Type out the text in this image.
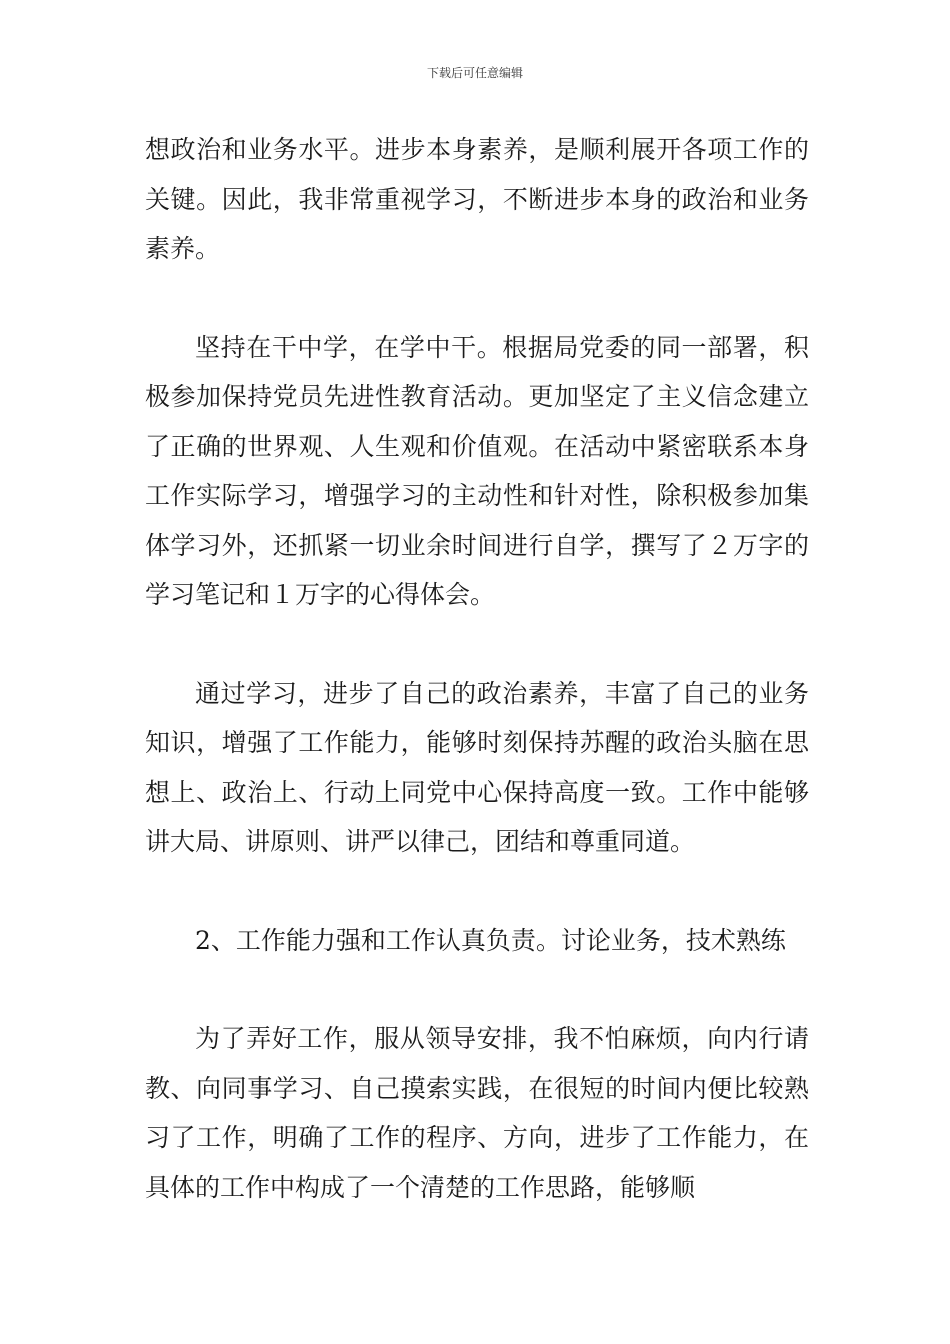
下载后可任意编辑

想政治和业务水平。进步本身素养，是顺利展开各项工作的关键。因此，我非常重视学习，不断进步本身的政治和业务素养。

坚持在干中学，在学中干。根据局党委的同一部署，积极参加保持党员先进性教育活动。更加坚定了主义信念建立了正确的世界观、人生观和价值观。在活动中紧密联系本身工作实际学习，增强学习的主动性和针对性，除积极参加集体学习外，还抓紧一切业余时间进行自学，撰写了２万字的学习笔记和１万字的心得体会。

通过学习，进步了自己的政治素养，丰富了自己的业务知识，增强了工作能力，能够时刻保持苏醒的政治头脑在思想上、政治上、行动上同党中心保持高度一致。工作中能够讲大局、讲原则、讲严以律己，团结和尊重同道。

2、工作能力强和工作认真负责。讨论业务，技术熟练

为了弄好工作，服从领导安排，我不怕麻烦，向内行请教、向同事学习、自己摸索实践，在很短的时间内便比较熟习了工作，明确了工作的程序、方向，进步了工作能力，在具体的工作中构成了一个清楚的工作思路，能够顺
